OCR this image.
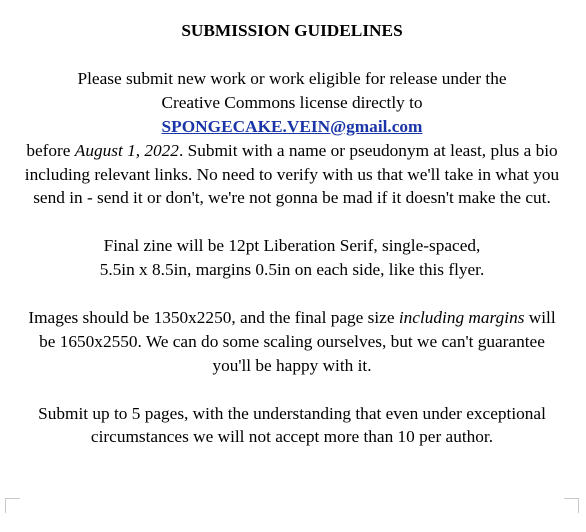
SUBMISSION GUIDELINES

Please submit new work or work eligible for release under the
Creative Commons license directly to
SPONGECAKE.VEIN@gmail.com
before August 1, 2022. Submit with a name or pseudonym at least, plus a bio including relevant links. No need to verify with us that we'll take in what you send in - send it or don't, we're not gonna be mad if it doesn't make the cut.

Final zine will be 12pt Liberation Serif, single-spaced,
5.5in x 8.5in, margins 0.5in on each side, like this flyer.

Images should be 1350x2250, and the final page size including margins will be 1650x2550. We can do some scaling ourselves, but we can't guarantee you'll be happy with it.

Submit up to 5 pages, with the understanding that even under exceptional circumstances we will not accept more than 10 per author.
